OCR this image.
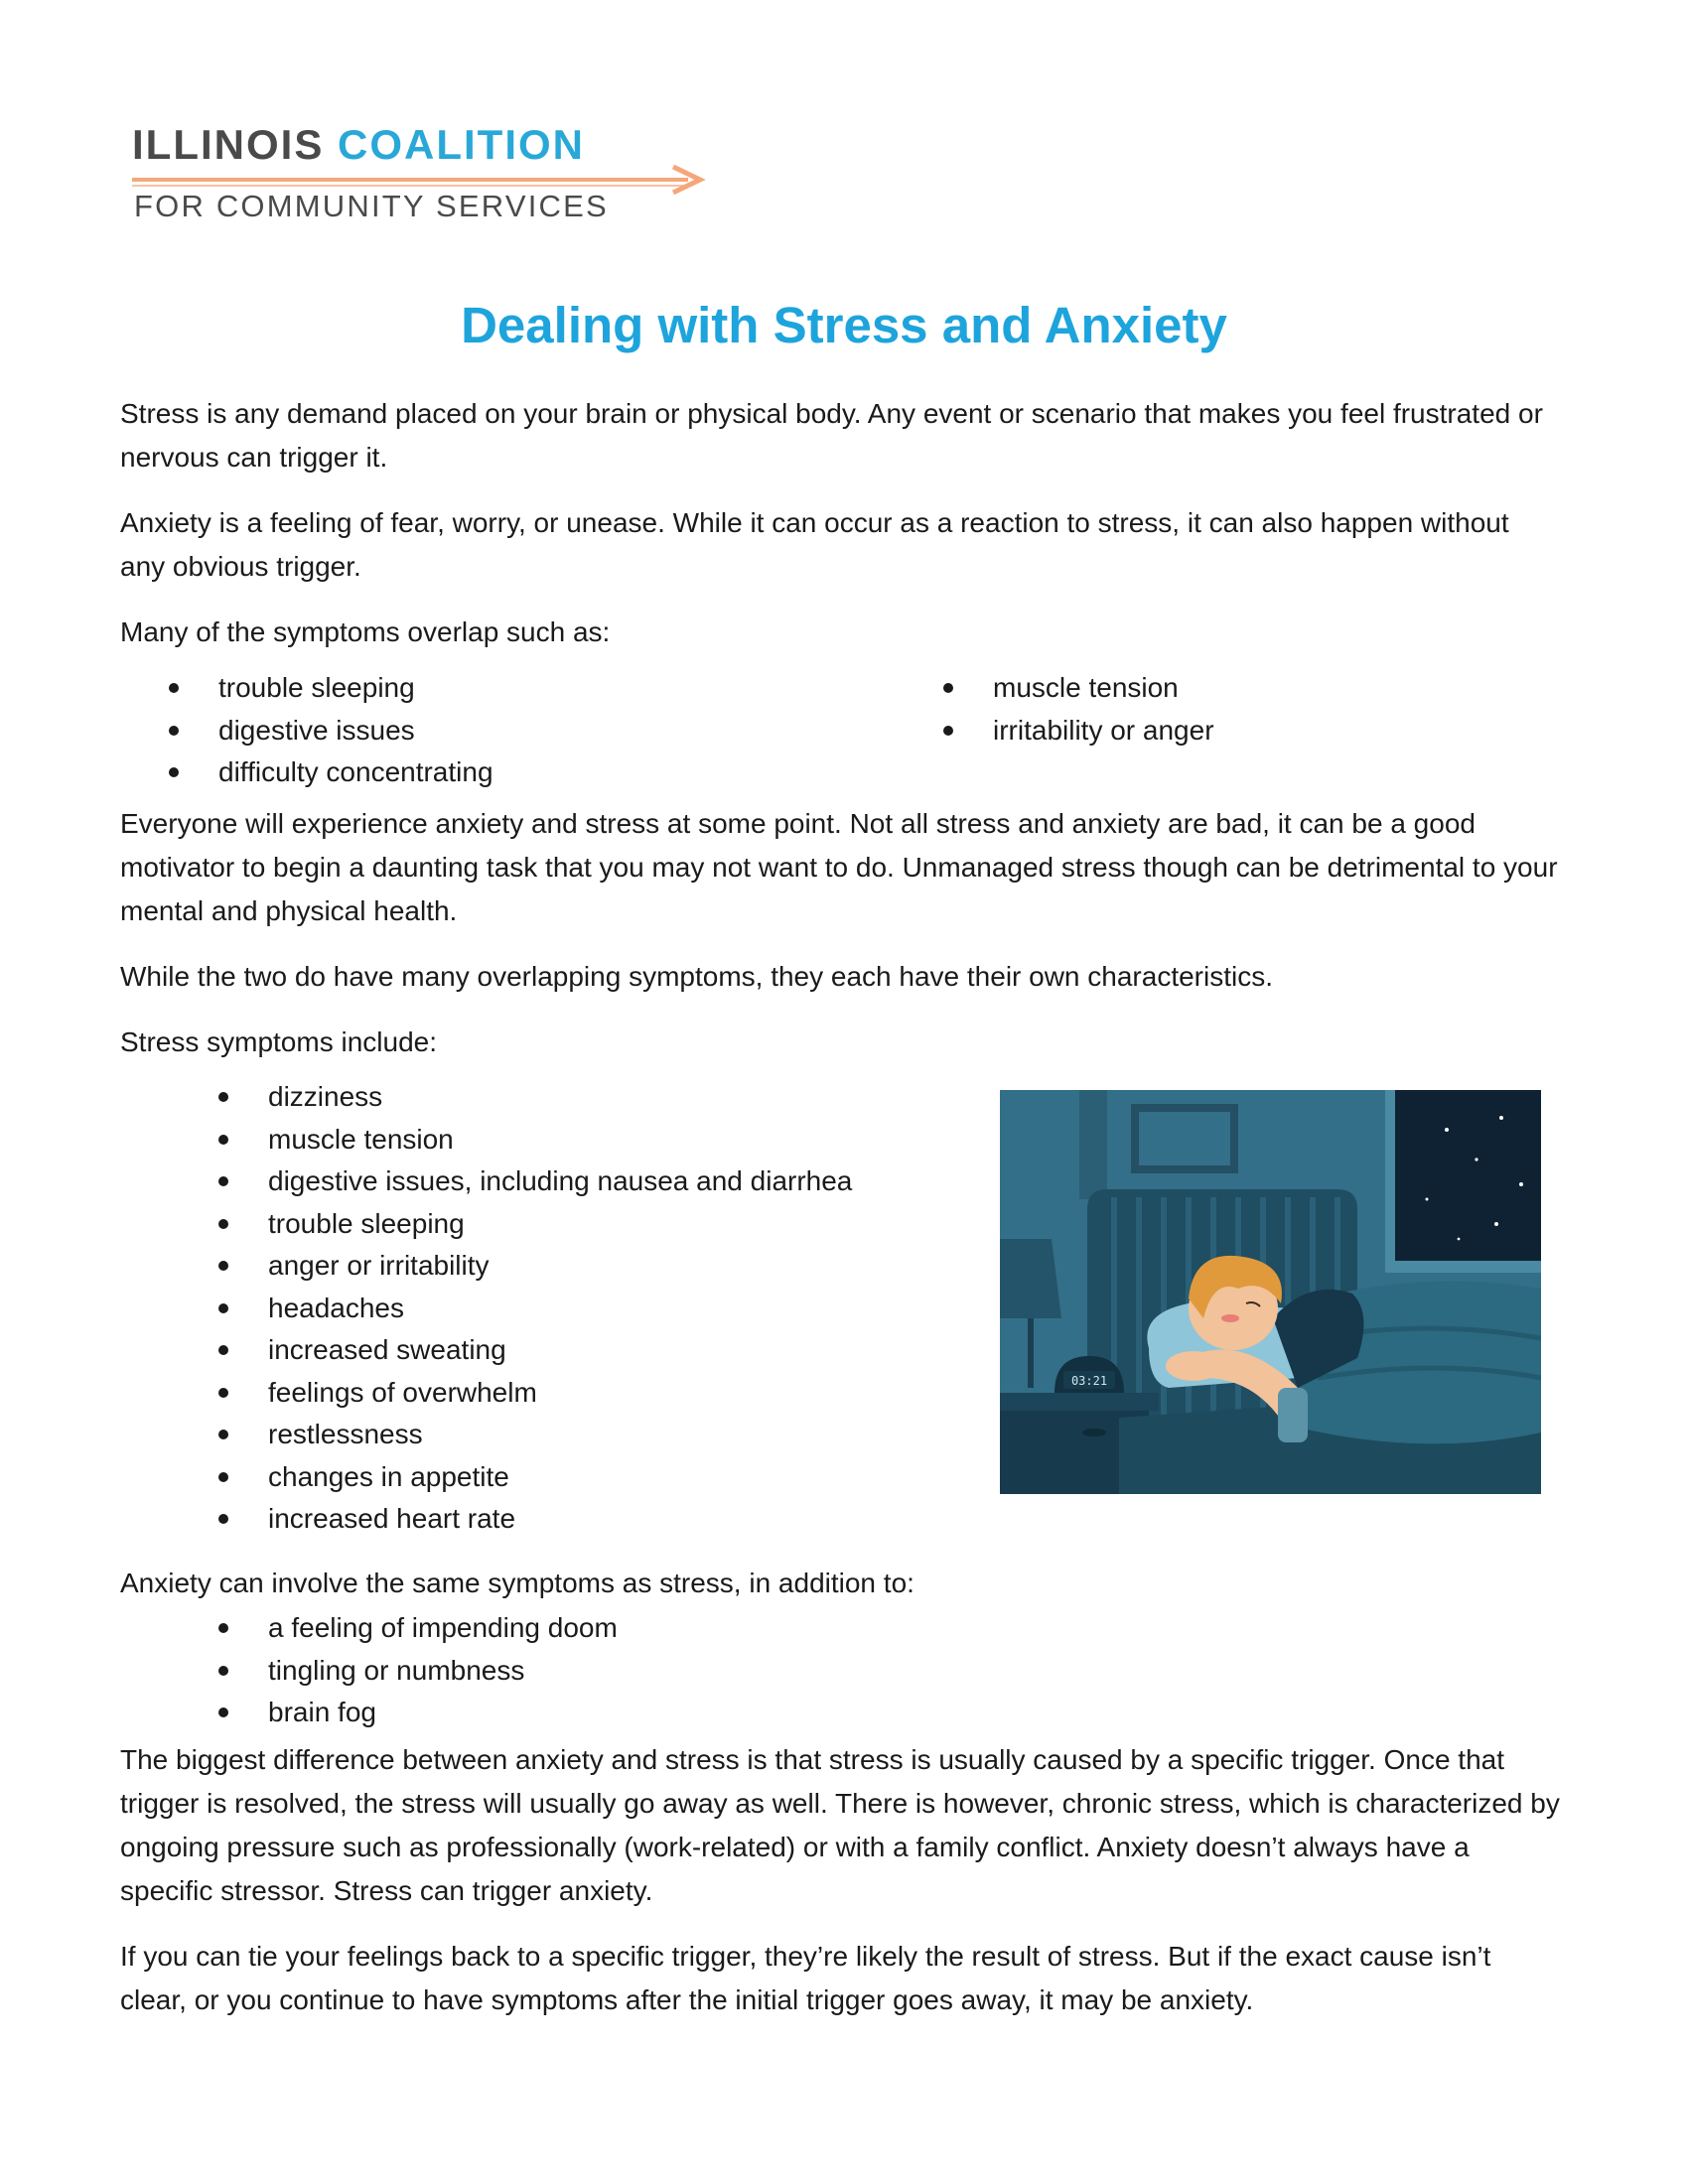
ILLINOIS COALITION
FOR COMMUNITY SERVICES
Dealing with Stress and Anxiety

Stress is any demand placed on your brain or physical body. Any event or scenario that makes you feel frustrated or nervous can trigger it.

Anxiety is a feeling of fear, worry, or unease. While it can occur as a reaction to stress, it can also happen without any obvious trigger.

Many of the symptoms overlap such as:

trouble sleeping
digestive issues
difficulty concentrating
muscle tension
irritability or anger

Everyone will experience anxiety and stress at some point. Not all stress and anxiety are bad, it can be a good motivator to begin a daunting task that you may not want to do. Unmanaged stress though can be detrimental to your mental and physical health.

While the two do have many overlapping symptoms, they each have their own characteristics.

Stress symptoms include:

dizziness
muscle tension
digestive issues, including nausea and diarrhea
trouble sleeping
anger or irritability
headaches
increased sweating
feelings of overwhelm
restlessness
changes in appetite
increased heart rate
03:21

Anxiety can involve the same symptoms as stress, in addition to:

a feeling of impending doom
tingling or numbness
brain fog

The biggest difference between anxiety and stress is that stress is usually caused by a specific trigger. Once that trigger is resolved, the stress will usually go away as well. There is however, chronic stress, which is characterized by ongoing pressure such as professionally (work-related) or with a family conflict. Anxiety doesn’t always have a specific stressor. Stress can trigger anxiety.

If you can tie your feelings back to a specific trigger, they’re likely the result of stress. But if the exact cause isn’t clear, or you continue to have symptoms after the initial trigger goes away, it may be anxiety.
